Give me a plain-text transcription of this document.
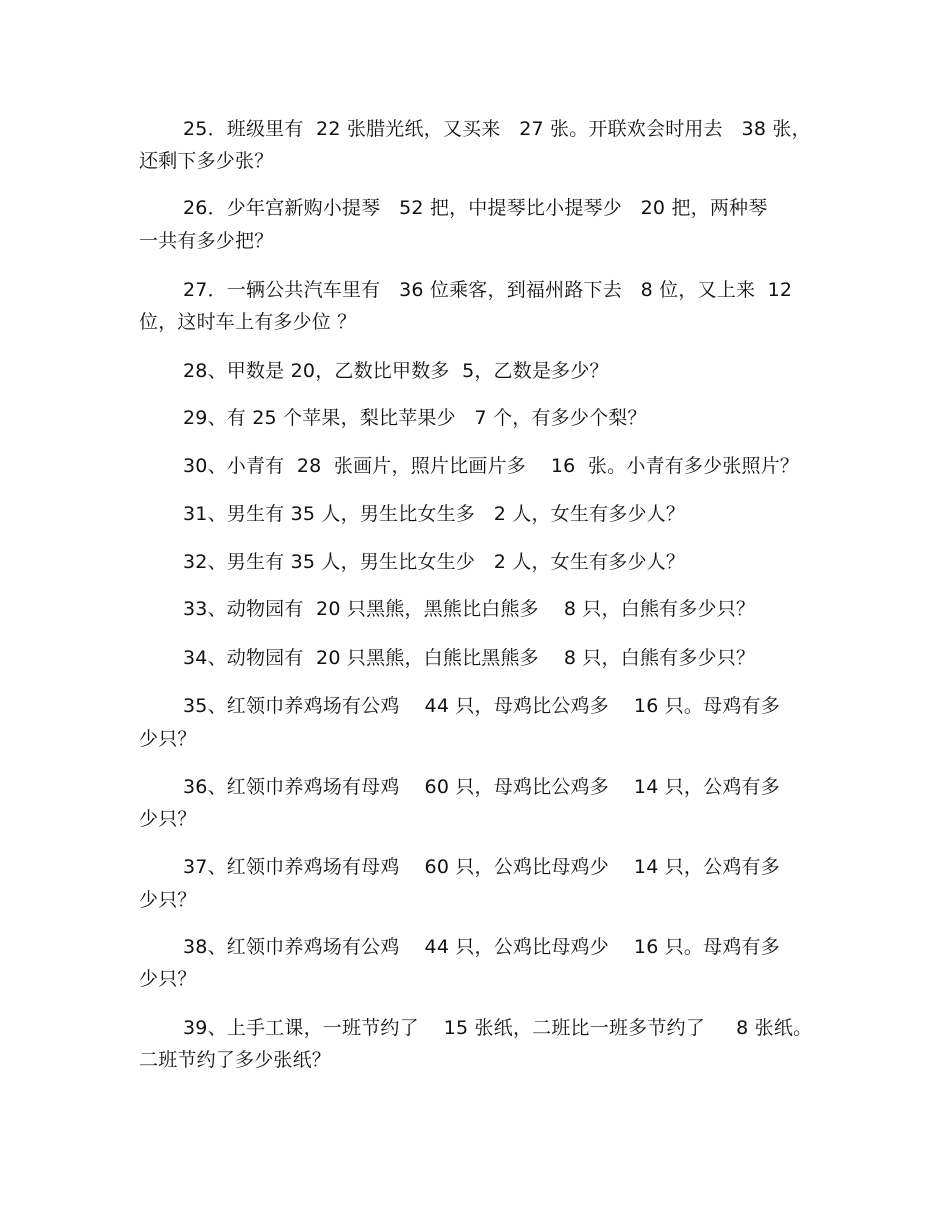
25．班级里有  22 张腊光纸，又买来   27 张。开联欢会时用去   38 张，
还剩下多少张？
26．少年宫新购小提琴   52 把，中提琴比小提琴少   20 把，两种琴
一共有多少把？
27．一辆公共汽车里有   36 位乘客，到福州路下去   8 位，又上来  12
位，这时车上有多少位 ？
28、甲数是 20，乙数比甲数多  5，乙数是多少？
29、有 25 个苹果，梨比苹果少   7 个，有多少个梨？
30、小青有  28  张画片，照片比画片多    16  张。小青有多少张照片？
31、男生有 35 人，男生比女生多   2 人，女生有多少人？
32、男生有 35 人，男生比女生少   2 人，女生有多少人？
33、动物园有  20 只黑熊，黑熊比白熊多    8 只，白熊有多少只？
34、动物园有  20 只黑熊，白熊比黑熊多    8 只，白熊有多少只？
35、红领巾养鸡场有公鸡    44 只，母鸡比公鸡多    16 只。母鸡有多
少只？
36、红领巾养鸡场有母鸡    60 只，母鸡比公鸡多    14 只，公鸡有多
少只？
37、红领巾养鸡场有母鸡    60 只，公鸡比母鸡少    14 只，公鸡有多
少只？
38、红领巾养鸡场有公鸡    44 只，公鸡比母鸡少    16 只。母鸡有多
少只？
39、上手工课，一班节约了    15 张纸，二班比一班多节约了     8 张纸。
二班节约了多少张纸？
